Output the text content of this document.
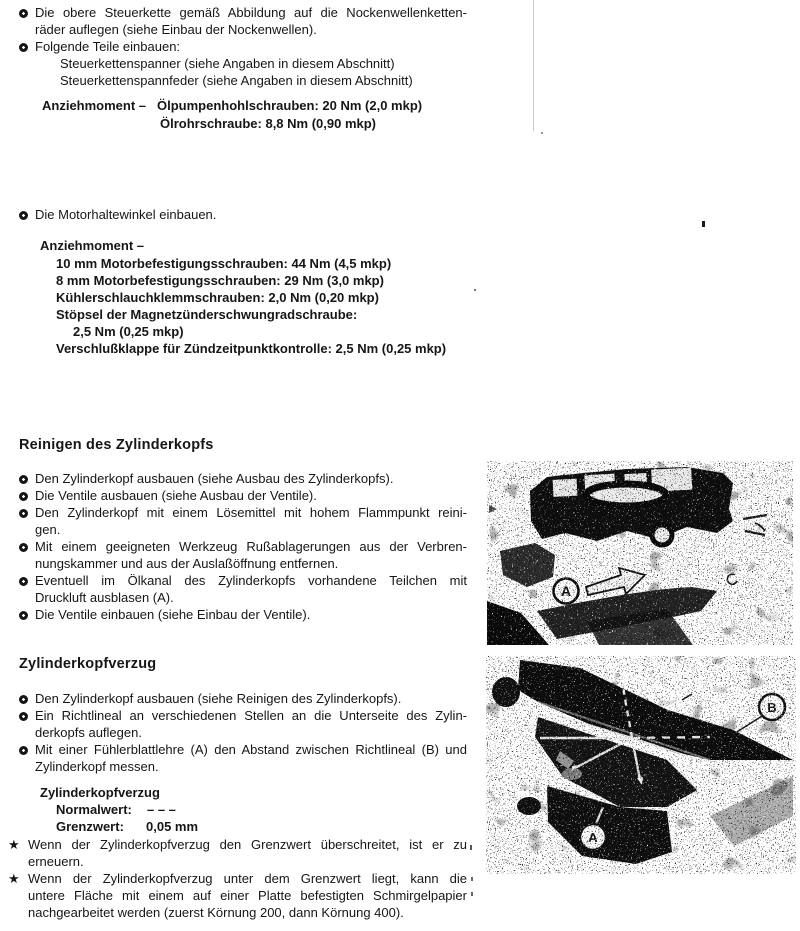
Die obere Steuerkette gemäß Abbildung auf die Nockenwellenketten-
räder auflegen (siehe Einbau der Nockenwellen).
Folgende Teile einbauen:
Steuerkettenspanner (siehe Angaben in diesem Abschnitt)
Steuerkettenspannfeder (siehe Angaben in diesem Abschnitt)
Anziehmoment – Ölpumpenhohlschrauben: 20 Nm (2,0 mkp)
Ölrohrschraube: 8,8 Nm (0,90 mkp)
Die Motorhaltewinkel einbauen.
Anziehmoment –
10 mm Motorbefestigungsschrauben: 44 Nm (4,5 mkp)
8 mm Motorbefestigungsschrauben: 29 Nm (3,0 mkp)
Kühlerschlauchklemmschrauben: 2,0 Nm (0,20 mkp)
Stöpsel der Magnetzünderschwungradschraube:
2,5 Nm (0,25 mkp)
Verschlußklappe für Zündzeitpunktkontrolle: 2,5 Nm (0,25 mkp)
Reinigen des Zylinderkopfs
Den Zylinderkopf ausbauen (siehe Ausbau des Zylinderkopfs).
Die Ventile ausbauen (siehe Ausbau der Ventile).
Den Zylinderkopf mit einem Lösemittel mit hohem Flammpunkt reini-
gen.
Mit einem geeigneten Werkzeug Rußablagerungen aus der Verbren-
nungskammer und aus der Auslaßöffnung entfernen.
Eventuell im Ölkanal des Zylinderkopfs vorhandene Teilchen mit
Druckluft ausblasen (A).
Die Ventile einbauen (siehe Einbau der Ventile).
Zylinderkopfverzug
Den Zylinderkopf ausbauen (siehe Reinigen des Zylinderkopfs).
Ein Richtlineal an verschiedenen Stellen an die Unterseite des Zylin-
derkopfs auflegen.
Mit einer Fühlerblattlehre (A) den Abstand zwischen Richtlineal (B) und
Zylinderkopf messen.
Zylinderkopfverzug
Normalwert: – – –
Grenzwert: 0,05 mm
★ Wenn der Zylinderkopfverzug den Grenzwert überschreitet, ist er zu
erneuern.
★ Wenn der Zylinderkopfverzug unter dem Grenzwert liegt, kann die
untere Fläche mit einem auf einer Platte befestigten Schmirgelpapier
nachgearbeitet werden (zuerst Körnung 200, dann Körnung 400).
